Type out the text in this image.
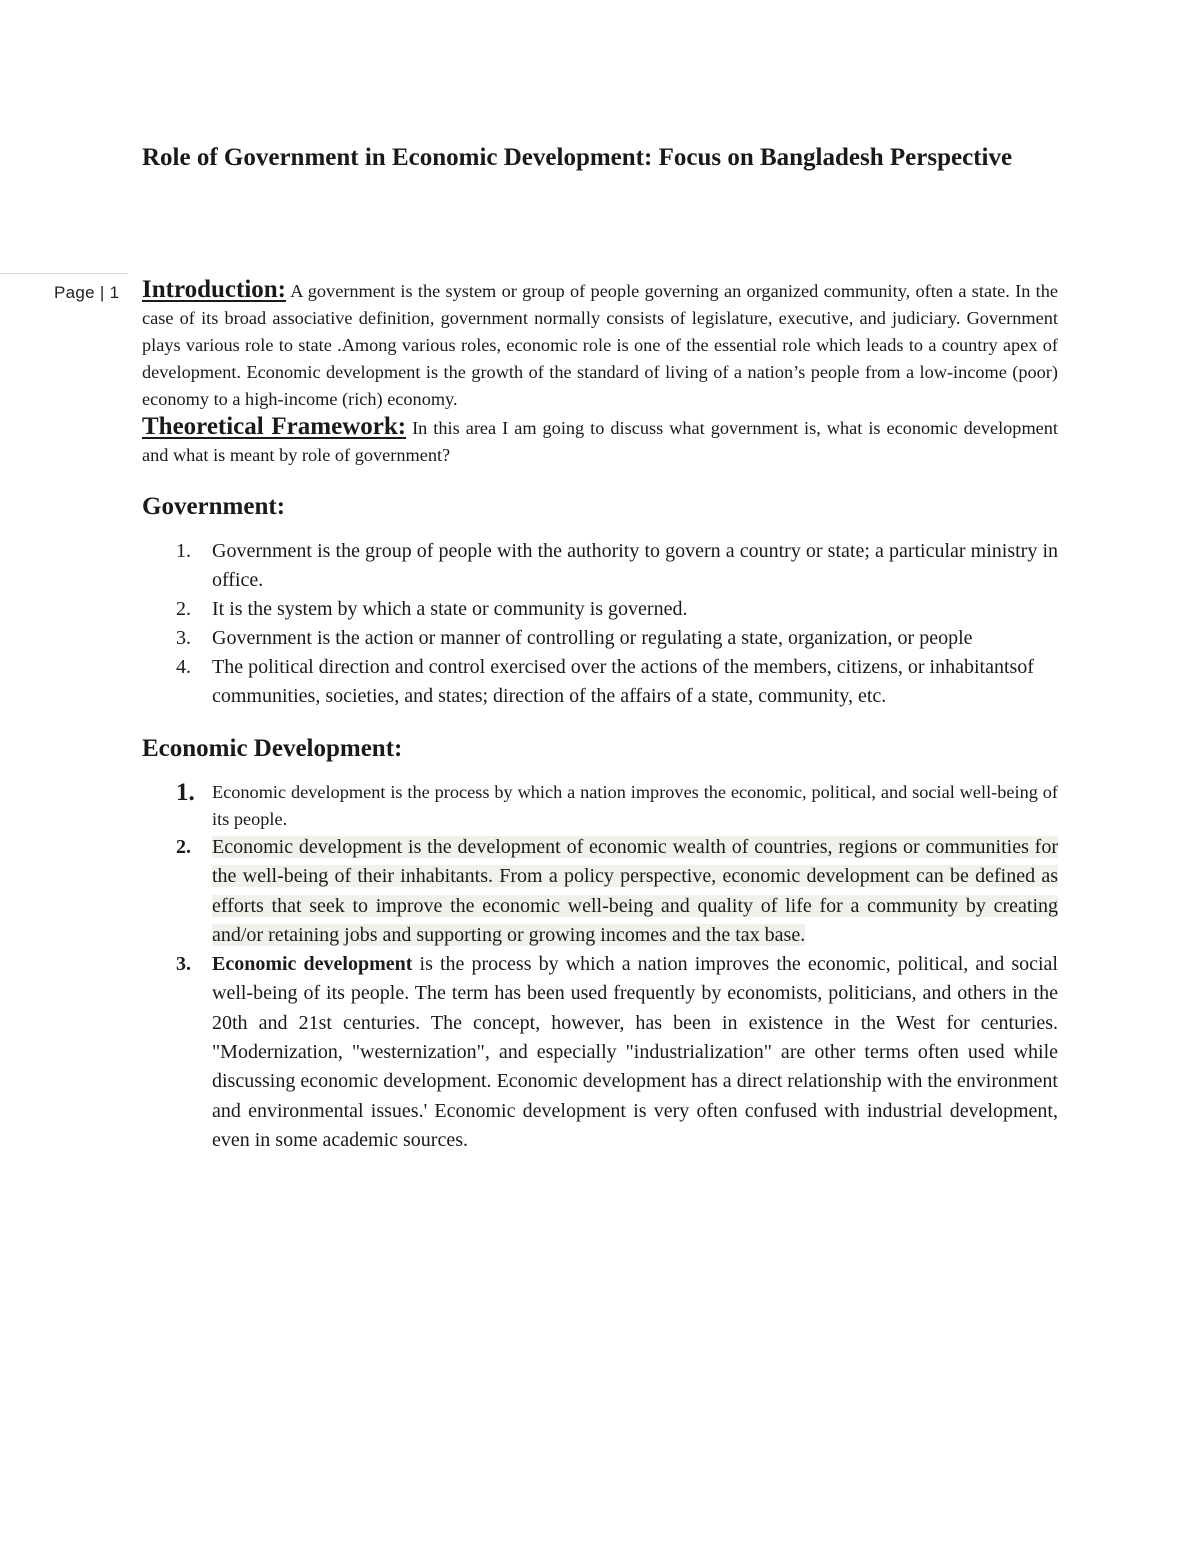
Role of Government in Economic Development: Focus on Bangladesh Perspective
Page | 1 Introduction: A government is the system or group of people governing an organized community, often a state. In the case of its broad associative definition, government normally consists of legislature, executive, and judiciary. Government plays various role to state .Among various roles, economic role is one of the essential role which leads to a country apex of development. Economic development is the growth of the standard of living of a nation’s people from a low-income (poor) economy to a high-income (rich) economy.

Theoretical Framework: In this area I am going to discuss what government is, what is economic development and what is meant by role of government?

Government:
1. Government is the group of people with the authority to govern a country or state; a particular ministry in office.
2. It is the system by which a state or community is governed.
3. Government is the action or manner of controlling or regulating a state, organization, or people
4. The political direction and control exercised over the actions of the members, citizens, or inhabitantsof communities, societies, and states; direction of the affairs of a state, community, etc.
Economic Development:
1. Economic development is the process by which a nation improves the economic, political, and social well-being of its people.
2. Economic development is the development of economic wealth of countries, regions or communities for the well-being of their inhabitants. From a policy perspective, economic development can be defined as efforts that seek to improve the economic well-being and quality of life for a community by creating and/or retaining jobs and supporting or growing incomes and the tax base.
3. Economic development is the process by which a nation improves the economic, political, and social well-being of its people. The term has been used frequently by economists, politicians, and others in the 20th and 21st centuries. The concept, however, has been in existence in the West for centuries. "Modernization, "westernization", and especially "industrialization" are other terms often used while discussing economic development. Economic development has a direct relationship with the environment and environmental issues.' Economic development is very often confused with industrial development, even in some academic sources.
